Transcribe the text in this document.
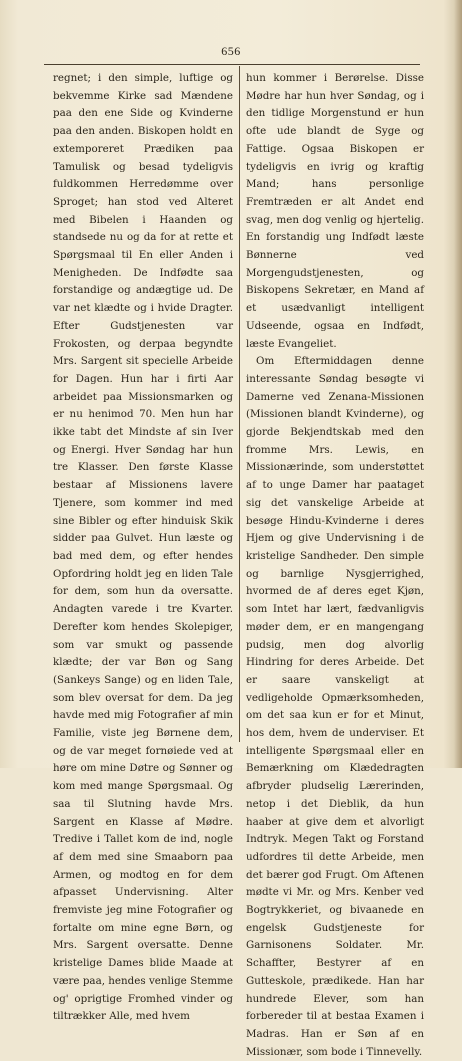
656

regnet; i den simple, luftige og bekvemme Kirke sad Mændene paa den ene Side og Kvinderne paa den anden. Biskopen holdt en extemporeret Prædiken paa Tamulisk og besad tydeligvis fuldkommen Herredømme over Sproget; han stod ved Alteret med Bibelen i Haanden og standsede nu og da for at rette et Spørgsmaal til En eller Anden i Menigheden. De Indfødte saa forstandige og andægtige ud. De var net klædte og i hvide Dragter. Efter Gudstjenesten var Frokosten, og derpaa begyndte Mrs. Sargent sit specielle Arbeide for Dagen. Hun har i firti Aar arbeidet paa Missionsmarken og er nu henimod 70. Men hun har ikke tabt det Mindste af sin Iver og Energi. Hver Søndag har hun tre Klasser. Den første Klasse bestaar af Missionens lavere Tjenere, som kommer ind med sine Bibler og efter hinduisk Skik sidder paa Gulvet. Hun læste og bad med dem, og efter hendes Opfordring holdt jeg en liden Tale for dem, som hun da oversatte. Andagten varede i tre Kvarter. Derefter kom hendes Skolepiger, som var smukt og passende klædte; der var Bøn og Sang (Sankeys Sange) og en liden Tale, som blev oversat for dem. Da jeg havde med mig Fotografier af min Familie, viste jeg Børnene dem, og de var meget fornøiede ved at høre om mine Døtre og Sønner og kom med mange Spørgsmaal. Og saa til Slutning havde Mrs. Sargent en Klasse af Mødre. Tredive i Tallet kom de ind, nogle af dem med sine Smaaborn paa Armen, og modtog en for dem afpasset Undervisning. Alter fremviste jeg mine Fotografier og fortalte om mine egne Børn, og Mrs. Sargent oversatte. Denne kristelige Dames blide Maade at være paa, hendes venlige Stemme og' oprigtige Fromhed vinder og tiltrækker Alle, med hvem

hun kommer i Berørelse. Disse Mødre har hun hver Søndag, og i den tidlige Morgenstund er hun ofte ude blandt de Syge og Fattige. Ogsaa Biskopen er tydeligvis en ivrig og kraftig Mand; hans personlige Fremtræden er alt Andet end svag, men dog venlig og hjertelig. En forstandig ung Indfødt læste Bønnerne ved Morgengudstjenesten, og Biskopens Sekretær, en Mand af et usædvanligt intelligent Udseende, ogsaa en Indfødt, læste Evangeliet.

Om Eftermiddagen denne interessante Søndag besøgte vi Damerne ved Zenana-Missionen (Missionen blandt Kvinderne), og gjorde Bekjendtskab med den fromme Mrs. Lewis, en Missionærinde, som understøttet af to unge Damer har paataget sig det vanskelige Arbeide at besøge Hindu-Kvinderne i deres Hjem og give Undervisning i de kristelige Sandheder. Den simple og barnlige Nysgjerrighed, hvormed de af deres eget Kjøn, som Intet har lært, fædvanligvis møder dem, er en mangengang pudsig, men dog alvorlig Hindring for deres Arbeide. Det er saare vanskeligt at vedligeholde Opmærksomheden, om det saa kun er for et Minut, hos dem, hvem de underviser. Et intelligente Spørgsmaal eller en Bemærkning om Klædedragten afbryder pludselig Lærerinden, netop i det Dieblik, da hun haaber at give dem et alvorligt Indtryk. Megen Takt og Forstand udfordres til dette Arbeide, men det bærer god Frugt. Om Aftenen mødte vi Mr. og Mrs. Kenber ved Bogtrykkeriet, og bivaanede en engelsk Gudstjeneste for Garnisonens Soldater. Mr. Schaffter, Bestyrer af en Gutteskole, prædikede. Han har hundrede Elever, som han forbereder til at bestaa Examen i Madras. Han er Søn af en Missionær, som bode i Tinnevelly.
